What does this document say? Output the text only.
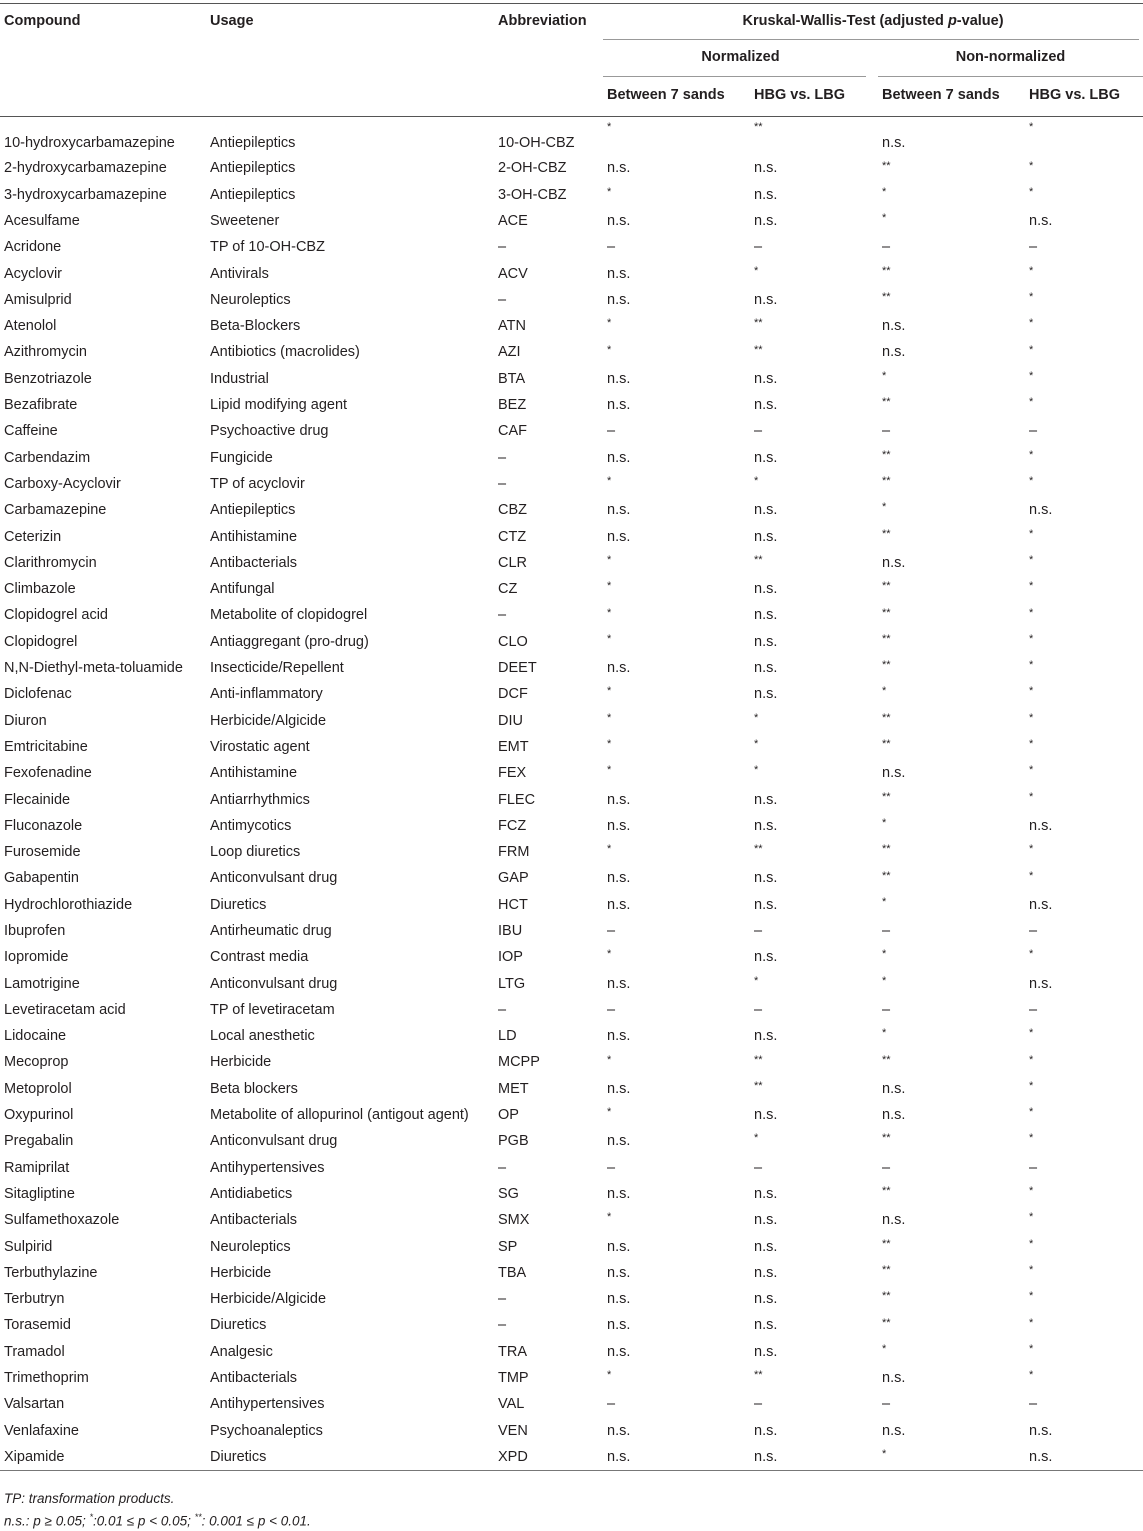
Compound	Usage	Abbreviation	Kruskal-Wallis-Test (adjusted p-value)			
			Normalized		Non-normalized	
			Between 7 sands	HBG vs. LBG	Between 7 sands	HBG vs. LBG
10-hydroxycarbamazepine	Antiepileptics	10-OH-CBZ	*	**	n.s.	*
2-hydroxycarbamazepine	Antiepileptics	2-OH-CBZ	n.s.	n.s.	**	*
3-hydroxycarbamazepine	Antiepileptics	3-OH-CBZ	*	n.s.	*	*
Acesulfame	Sweetener	ACE	n.s.	n.s.	*	n.s.
Acridone	TP of 10-OH-CBZ	–	–	–	–	–
Acyclovir	Antivirals	ACV	n.s.	*	**	*
Amisulprid	Neuroleptics	–	n.s.	n.s.	**	*
Atenolol	Beta-Blockers	ATN	*	**	n.s.	*
Azithromycin	Antibiotics (macrolides)	AZI	*	**	n.s.	*
Benzotriazole	Industrial	BTA	n.s.	n.s.	*	*
Bezafibrate	Lipid modifying agent	BEZ	n.s.	n.s.	**	*
Caffeine	Psychoactive drug	CAF	–	–	–	–
Carbendazim	Fungicide	–	n.s.	n.s.	**	*
Carboxy-Acyclovir	TP of acyclovir	–	*	*	**	*
Carbamazepine	Antiepileptics	CBZ	n.s.	n.s.	*	n.s.
Ceterizin	Antihistamine	CTZ	n.s.	n.s.	**	*
Clarithromycin	Antibacterials	CLR	*	**	n.s.	*
Climbazole	Antifungal	CZ	*	n.s.	**	*
Clopidogrel acid	Metabolite of clopidogrel	–	*	n.s.	**	*
Clopidogrel	Antiaggregant (pro-drug)	CLO	*	n.s.	**	*
N,N-Diethyl-meta-toluamide	Insecticide/Repellent	DEET	n.s.	n.s.	**	*
Diclofenac	Anti-inflammatory	DCF	*	n.s.	*	*
Diuron	Herbicide/Algicide	DIU	*	*	**	*
Emtricitabine	Virostatic agent	EMT	*	*	**	*
Fexofenadine	Antihistamine	FEX	*	*	n.s.	*
Flecainide	Antiarrhythmics	FLEC	n.s.	n.s.	**	*
Fluconazole	Antimycotics	FCZ	n.s.	n.s.	*	n.s.
Furosemide	Loop diuretics	FRM	*	**	**	*
Gabapentin	Anticonvulsant drug	GAP	n.s.	n.s.	**	*
Hydrochlorothiazide	Diuretics	HCT	n.s.	n.s.	*	n.s.
Ibuprofen	Antirheumatic drug	IBU	–	–	–	–
Iopromide	Contrast media	IOP	*	n.s.	*	*
Lamotrigine	Anticonvulsant drug	LTG	n.s.	*	*	n.s.
Levetiracetam acid	TP of levetiracetam	–	–	–	–	–
Lidocaine	Local anesthetic	LD	n.s.	n.s.	*	*
Mecoprop	Herbicide	MCPP	*	**	**	*
Metoprolol	Beta blockers	MET	n.s.	**	n.s.	*
Oxypurinol	Metabolite of allopurinol (antigout agent)	OP	*	n.s.	n.s.	*
Pregabalin	Anticonvulsant drug	PGB	n.s.	*	**	*
Ramiprilat	Antihypertensives	–	–	–	–	–
Sitagliptine	Antidiabetics	SG	n.s.	n.s.	**	*
Sulfamethoxazole	Antibacterials	SMX	*	n.s.	n.s.	*
Sulpirid	Neuroleptics	SP	n.s.	n.s.	**	*
Terbuthylazine	Herbicide	TBA	n.s.	n.s.	**	*
Terbutryn	Herbicide/Algicide	–	n.s.	n.s.	**	*
Torasemid	Diuretics	–	n.s.	n.s.	**	*
Tramadol	Analgesic	TRA	n.s.	n.s.	*	*
Trimethoprim	Antibacterials	TMP	*	**	n.s.	*
Valsartan	Antihypertensives	VAL	–	–	–	–
Venlafaxine	Psychoanaleptics	VEN	n.s.	n.s.	n.s.	n.s.
Xipamide	Diuretics	XPD	n.s.	n.s.	*	n.s.
TP: transformation products.
n.s.: p ≥ 0.05; *:0.01 ≤ p < 0.05; **: 0.001 ≤ p < 0.01.
